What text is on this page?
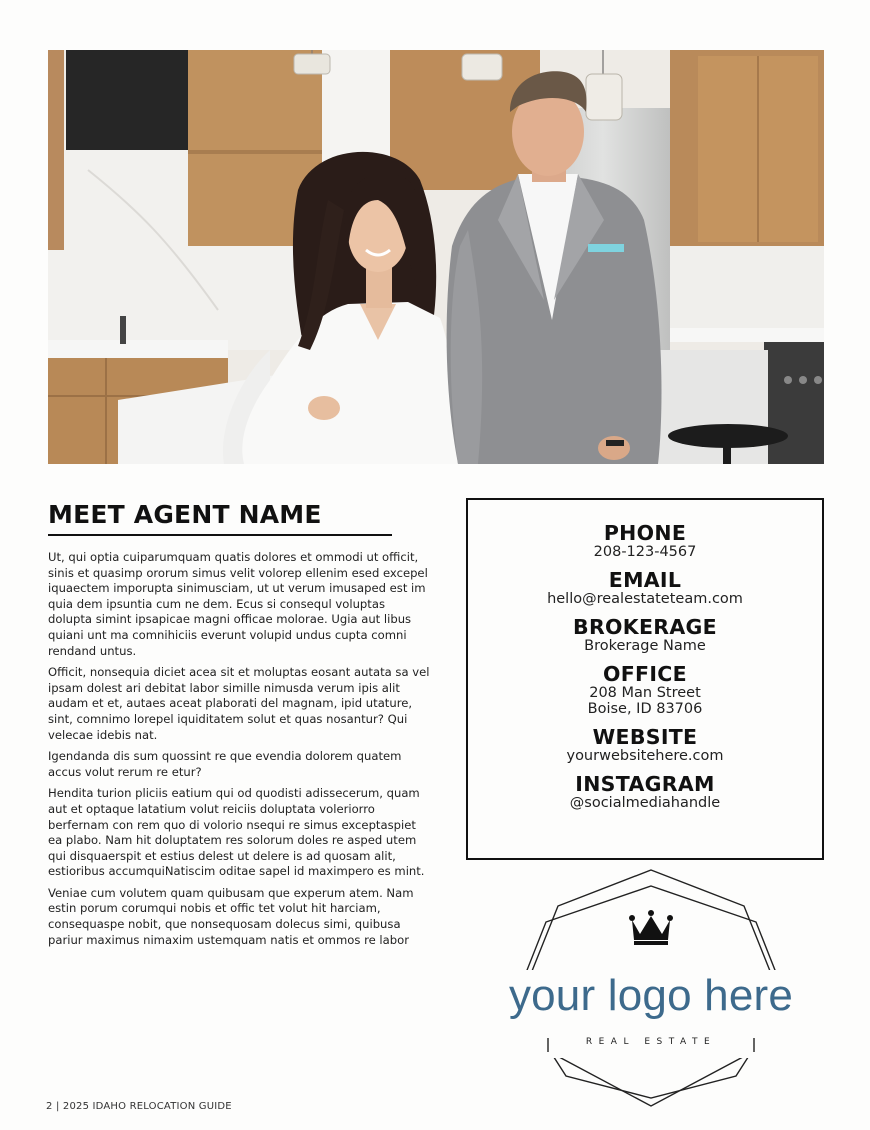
MEET AGENT NAME

Ut, qui optia cuiparumquam quatis dolores et ommodi ut officit, sinis et quasimp ororum simus velit volorep ellenim esed excepel iquaectem imporupta sinimusciam, ut ut verum imusaped est im quia dem ipsuntia cum ne dem. Ecus si consequl voluptas dolupta simint ipsapicae magni officae molorae. Ugia aut libus quiani unt ma comnihiciis everunt volupid undus cupta comni rendand untus.

Officit, nonsequia diciet acea sit et moluptas eosant autata sa vel ipsam dolest ari debitat labor simille nimusda verum ipis alit audam et et, autaes aceat plaborati del magnam, ipid utature, sint, comnimo lorepel iquiditatem solut et quas nosantur? Qui velecae idebis nat.

Igendanda dis sum quossint re que evendia dolorem quatem accus volut rerum re etur?

Hendita turion pliciis eatium qui od quodisti adissecerum, quam aut et optaque latatium volut reiciis doluptata voleriorro berfernam con rem quo di volorio nsequi re simus exceptaspiet ea plabo. Nam hit doluptatem res solorum doles re asped utem qui disquaerspit et estius delest ut delere is ad quosam alit, estioribus accumquiNatiscim oditae sapel id maximpero es mint.

Veniae cum volutem quam quibusam que experum atem. Nam estin porum corumqui nobis et offic tet volut hit harciam, consequaspe nobit, que nonsequosam dolecus simi, quibusa pariur maximus nimaxim ustemquam natis et ommos re labor

2 | 2025 IDAHO RELOCATION GUIDE
PHONE
208-123-4567
EMAIL
hello@realestateteam.com
BROKERAGE
Brokerage Name
OFFICE
208 Man Street
Boise, ID 83706
WEBSITE
yourwebsitehere.com
INSTAGRAM
@socialmediahandle
your logo here
REAL ESTATE
